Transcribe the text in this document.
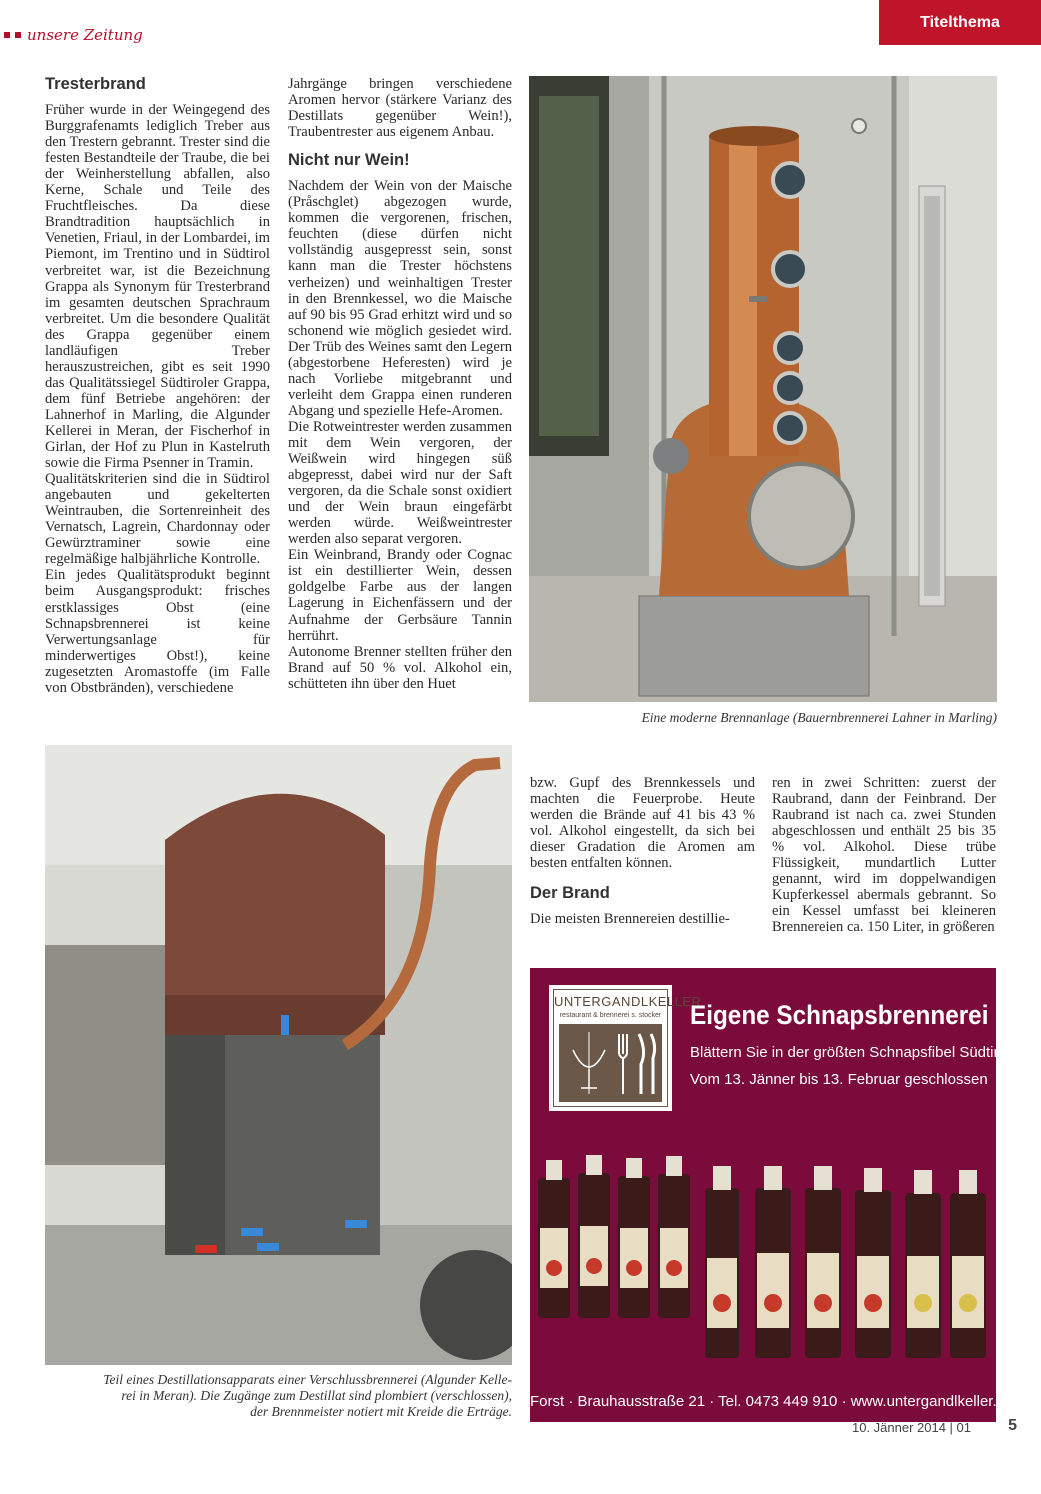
unsere Zeitung
Titelthema
Tresterbrand

Früher wurde in der Weingegend des Burggrafenamts lediglich Treber aus den Trestern gebrannt. Trester sind die festen Bestandteile der Traube, die bei der Weinherstellung abfallen, also Kerne, Schale und Teile des Fruchtfleisches. Da diese Brandtradition hauptsächlich in Venetien, Friaul, in der Lombardei, im Piemont, im Trentino und in Südtirol verbreitet war, ist die Bezeichnung Grappa als Synonym für Tresterbrand im gesamten deutschen Sprachraum verbreitet. Um die besondere Qualität des Grappa gegenüber einem landläufigen Treber herauszustreichen, gibt es seit 1990 das Qualitätssiegel Südtiroler Grappa, dem fünf Betriebe angehören: der Lahnerhof in Marling, die Algunder Kellerei in Meran, der Fischerhof in Girlan, der Hof zu Plun in Kastelruth sowie die Firma Psenner in Tramin.

Qualitätskriterien sind die in Südtirol angebauten und gekelterten Weintrauben, die Sortenreinheit des Vernatsch, Lagrein, Chardonnay oder Gewürztraminer sowie eine regelmäßige halbjährliche Kontrolle.

Ein jedes Qualitätsprodukt beginnt beim Ausgangsprodukt: frisches erstklassiges Obst (eine Schnapsbrennerei ist keine Verwertungsanlage für minderwertiges Obst!), keine zugesetzten Aromastoffe (im Falle von Obstbränden), verschiedene

Jahrgänge bringen verschiedene Aromen hervor (stärkere Varianz des Destillats gegenüber Wein!), Traubentrester aus eigenem Anbau.

Nicht nur Wein!

Nachdem der Wein von der Maische (Pråschglet) abgezogen wurde, kommen die vergorenen, frischen, feuchten (diese dürfen nicht vollständig ausgepresst sein, sonst kann man die Trester höchstens verheizen) und weinhaltigen Trester in den Brennkessel, wo die Maische auf 90 bis 95 Grad erhitzt wird und so schonend wie möglich gesiedet wird. Der Trüb des Weines samt den Legern (abgestorbene Heferesten) wird je nach Vorliebe mitgebrannt und verleiht dem Grappa einen runderen Abgang und spezielle Hefe-Aromen.

Die Rotweintrester werden zusammen mit dem Wein vergoren, der Weißwein wird hingegen süß abgepresst, dabei wird nur der Saft vergoren, da die Schale sonst oxidiert und der Wein braun eingefärbt werden würde. Weißweintrester werden also separat vergoren.

Ein Weinbrand, Brandy oder Cognac ist ein destillierter Wein, dessen goldgelbe Farbe aus der langen Lagerung in Eichenfässern und der Aufnahme der Gerbsäure Tannin herrührt.

Autonome Brenner stellten früher den Brand auf 50 % vol. Alkohol ein, schütteten ihn über den Huet

Eine moderne Brennanlage (Bauernbrennerei Lahner in Marling)
Teil eines Destillationsapparats einer Verschlussbrennerei (Algunder Kelle-
rei in Meran). Die Zugänge zum Destillat sind plombiert (verschlossen),
der Brennmeister notiert mit Kreide die Erträge.

bzw. Gupf des Brennkessels und machten die Feuerprobe. Heute werden die Brände auf 41 bis 43 % vol. Alkohol eingestellt, da sich bei dieser Gradation die Aromen am besten entfalten können.

Der Brand

Die meisten Brennereien destillie-

ren in zwei Schritten: zuerst der Raubrand, dann der Feinbrand. Der Raubrand ist nach ca. zwei Stunden abgeschlossen und enthält 25 bis 35 % vol. Alkohol. Diese trübe Flüssigkeit, mundartlich Lutter genannt, wird im doppelwandigen Kupferkessel abermals gebrannt. So ein Kessel umfasst bei kleineren Brennereien ca. 150 Liter, in größeren

UNTERGANDLKELLER
restaurant & brennerei s. stocker Eigene Schnapsbrennerei
Blättern Sie in der größten Schnapsfibel Südtirols
Vom 13. Jänner bis 13. Februar geschlossen
Forst · Brauhausstraße 21 · Tel. 0473 449 910 · www.untergandlkeller.com
10. Jänner 2014 | 01 5
